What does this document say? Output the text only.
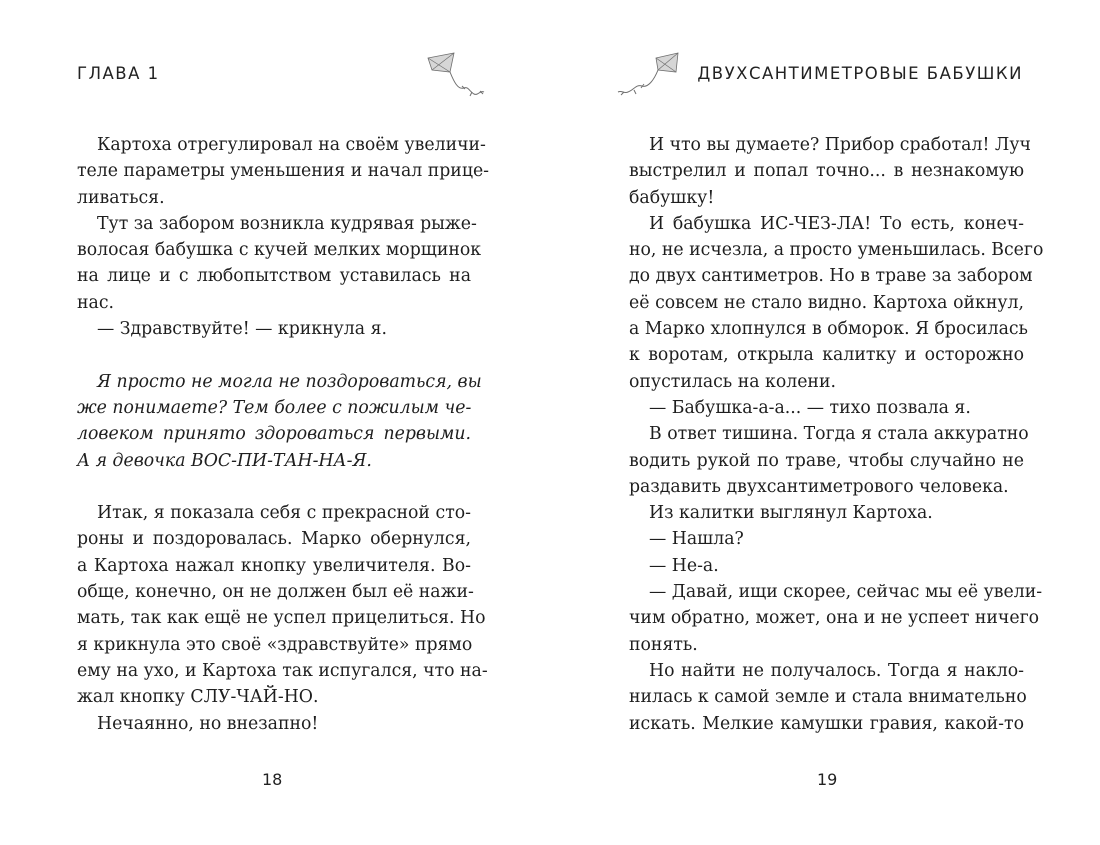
ГЛАВА 1
Картоха отрегулировал на своём увеличи-
теле параметры уменьшения и начал прице-
ливаться.
Тут за забором возникла кудрявая рыже-
волосая бабушка с кучей мелких морщинок
на лице и с любопытством уставилась на
нас.
— Здравствуйте! — крикнула я.
Я просто не могла не поздороваться, вы
же понимаете? Тем более с пожилым че-
ловеком принято здороваться первыми.
А я девочка ВОС-ПИ-ТАН-НА-Я.
Итак, я показала себя с прекрасной сто-
роны и поздоровалась. Марко обернулся,
а Картоха нажал кнопку увеличителя. Во-
обще, конечно, он не должен был её нажи-
мать, так как ещё не успел прицелиться. Но
я крикнула это своё «здравствуйте» прямо
ему на ухо, и Картоха так испугался, что на-
жал кнопку СЛУ-ЧАЙ-НО.
Нечаянно, но внезапно!
18
ДВУХСАНТИМЕТРОВЫЕ БАБУШКИ
И что вы думаете? Прибор сработал! Луч
выстрелил и попал точно... в незнакомую
бабушку!
И бабушка ИС-ЧЕЗ-ЛА! То есть, конеч-
но, не исчезла, а просто уменьшилась. Всего
до двух сантиметров. Но в траве за забором
её совсем не стало видно. Картоха ойкнул,
а Марко хлопнулся в обморок. Я бросилась
к воротам, открыла калитку и осторожно
опустилась на колени.
— Бабушка-а-а... — тихо позвала я.
В ответ тишина. Тогда я стала аккуратно
водить рукой по траве, чтобы случайно не
раздавить двухсантиметрового человека.
Из калитки выглянул Картоха.
— Нашла?
— Не-а.
— Давай, ищи скорее, сейчас мы её увели-
чим обратно, может, она и не успеет ничего
понять.
Но найти не получалось. Тогда я накло-
нилась к самой земле и стала внимательно
искать. Мелкие камушки гравия, какой-то
19
